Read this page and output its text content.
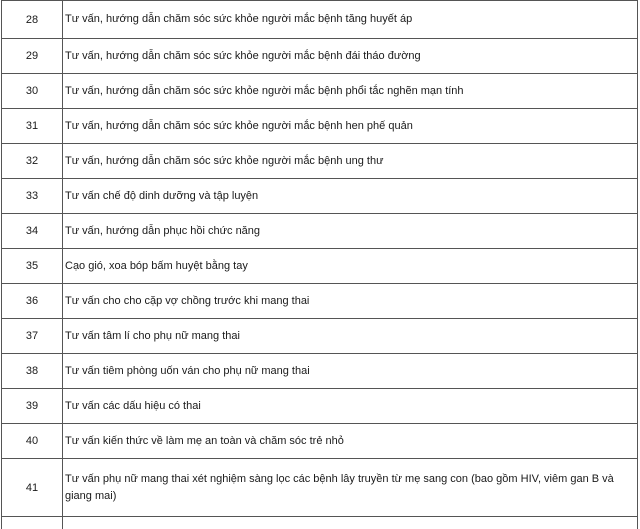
28	Tư vấn, hướng dẫn chăm sóc sức khỏe người mắc bệnh tăng huyết áp
29	Tư vấn, hướng dẫn chăm sóc sức khỏe người mắc bệnh đái tháo đường
30	Tư vấn, hướng dẫn chăm sóc sức khỏe người mắc bệnh phổi tắc nghẽn mạn tính
31	Tư vấn, hướng dẫn chăm sóc sức khỏe người mắc bệnh hen phế quản
32	Tư vấn, hướng dẫn chăm sóc sức khỏe người mắc bệnh ung thư
33	Tư vấn chế độ dinh dưỡng và tập luyện
34	Tư vấn, hướng dẫn phục hồi chức năng
35	Cạo gió, xoa bóp bấm huyệt bằng tay
36	Tư vấn cho cho cặp vợ chồng trước khi mang thai
37	Tư vấn tâm lí cho phụ nữ mang thai
38	Tư vấn tiêm phòng uốn ván cho phụ nữ mang thai
39	Tư vấn các dấu hiệu có thai
40	Tư vấn kiến thức về làm mẹ an toàn và chăm sóc trẻ nhỏ
41	Tư vấn phụ nữ mang thai xét nghiệm sàng lọc các bệnh lây truyền từ mẹ sang con (bao gồm HIV, viêm gan B và giang mai)
